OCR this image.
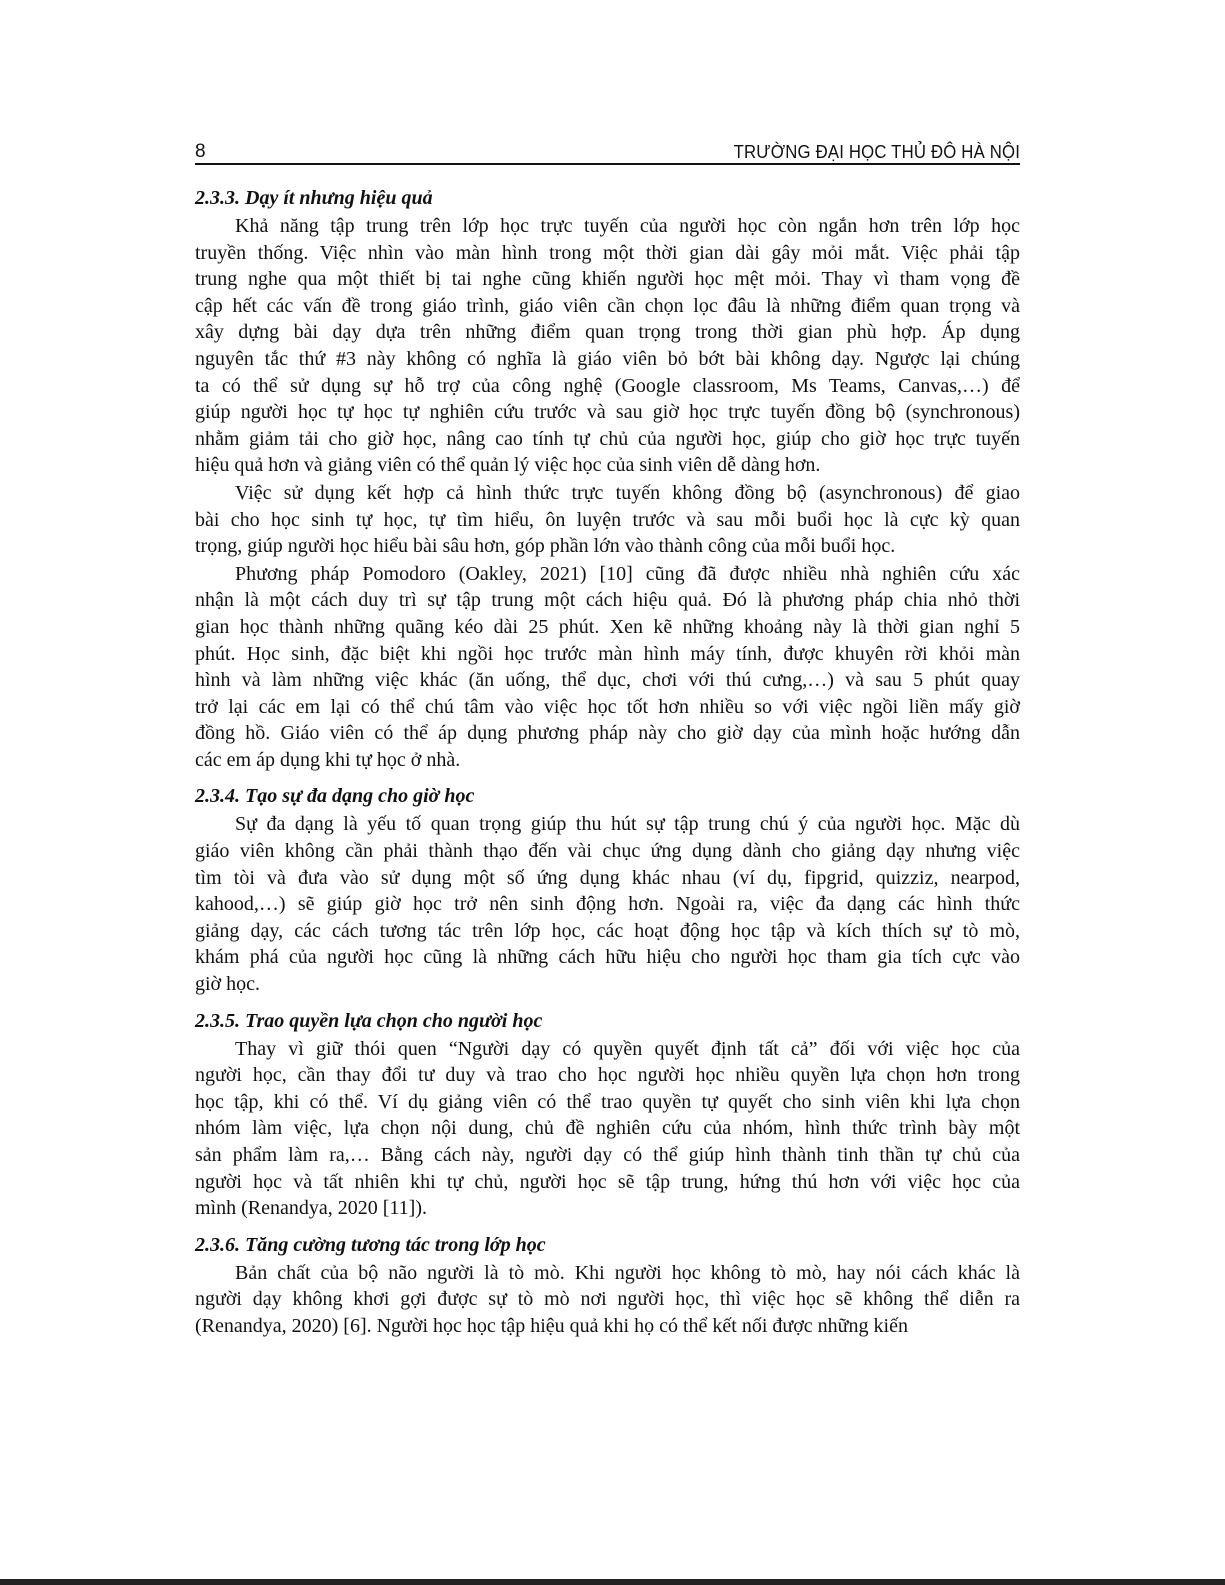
8	TRƯỜNG ĐẠI HỌC THỦ ĐÔ HÀ NỘI
2.3.3. Dạy ít nhưng hiệu quả
Khả năng tập trung trên lớp học trực tuyến của người học còn ngắn hơn trên lớp học
truyền thống. Việc nhìn vào màn hình trong một thời gian dài gây mỏi mắt. Việc phải tập
trung nghe qua một thiết bị tai nghe cũng khiến người học mệt mỏi. Thay vì tham vọng đề
cập hết các vấn đề trong giáo trình, giáo viên cần chọn lọc đâu là những điểm quan trọng và
xây dựng bài dạy dựa trên những điểm quan trọng trong thời gian phù hợp. Áp dụng
nguyên tắc thứ #3 này không có nghĩa là giáo viên bỏ bớt bài không dạy. Ngược lại chúng
ta có thể sử dụng sự hỗ trợ của công nghệ (Google classroom, Ms Teams, Canvas,…) để
giúp người học tự học tự nghiên cứu trước và sau giờ học trực tuyến đồng bộ (synchronous)
nhằm giảm tải cho giờ học, nâng cao tính tự chủ của người học, giúp cho giờ học trực tuyến
hiệu quả hơn và giảng viên có thể quản lý việc học của sinh viên dễ dàng hơn.
Việc sử dụng kết hợp cả hình thức trực tuyến không đồng bộ (asynchronous) để giao
bài cho học sinh tự học, tự tìm hiểu, ôn luyện trước và sau mỗi buổi học là cực kỳ quan
trọng, giúp người học hiểu bài sâu hơn, góp phần lớn vào thành công của mỗi buổi học.
Phương pháp Pomodoro (Oakley, 2021) [10] cũng đã được nhiều nhà nghiên cứu xác
nhận là một cách duy trì sự tập trung một cách hiệu quả. Đó là phương pháp chia nhỏ thời
gian học thành những quãng kéo dài 25 phút. Xen kẽ những khoảng này là thời gian nghỉ 5
phút. Học sinh, đặc biệt khi ngồi học trước màn hình máy tính, được khuyên rời khỏi màn
hình và làm những việc khác (ăn uống, thể dục, chơi với thú cưng,…) và sau 5 phút quay
trở lại các em lại có thể chú tâm vào việc học tốt hơn nhiều so với việc ngồi liền mấy giờ
đồng hồ. Giáo viên có thể áp dụng phương pháp này cho giờ dạy của mình hoặc hướng dẫn
các em áp dụng khi tự học ở nhà.
2.3.4. Tạo sự đa dạng cho giờ học
Sự đa dạng là yếu tố quan trọng giúp thu hút sự tập trung chú ý của người học. Mặc dù
giáo viên không cần phải thành thạo đến vài chục ứng dụng dành cho giảng dạy nhưng việc
tìm tòi và đưa vào sử dụng một số ứng dụng khác nhau (ví dụ, fipgrid, quizziz, nearpod,
kahood,…) sẽ giúp giờ học trở nên sinh động hơn. Ngoài ra, việc đa dạng các hình thức
giảng dạy, các cách tương tác trên lớp học, các hoạt động học tập và kích thích sự tò mò,
khám phá của người học cũng là những cách hữu hiệu cho người học tham gia tích cực vào
giờ học.
2.3.5. Trao quyền lựa chọn cho người học
Thay vì giữ thói quen “Người dạy có quyền quyết định tất cả” đối với việc học của
người học, cần thay đổi tư duy và trao cho học người học nhiều quyền lựa chọn hơn trong
học tập, khi có thể. Ví dụ giảng viên có thể trao quyền tự quyết cho sinh viên khi lựa chọn
nhóm làm việc, lựa chọn nội dung, chủ đề nghiên cứu của nhóm, hình thức trình bày một
sản phẩm làm ra,… Bằng cách này, người dạy có thể giúp hình thành tinh thần tự chủ của
người học và tất nhiên khi tự chủ, người học sẽ tập trung, hứng thú hơn với việc học của
mình (Renandya, 2020 [11]).
2.3.6. Tăng cường tương tác trong lớp học
Bản chất của bộ não người là tò mò. Khi người học không tò mò, hay nói cách khác là
người dạy không khơi gợi được sự tò mò nơi người học, thì việc học sẽ không thể diễn ra
(Renandya, 2020) [6]. Người học học tập hiệu quả khi họ có thể kết nối được những kiến
